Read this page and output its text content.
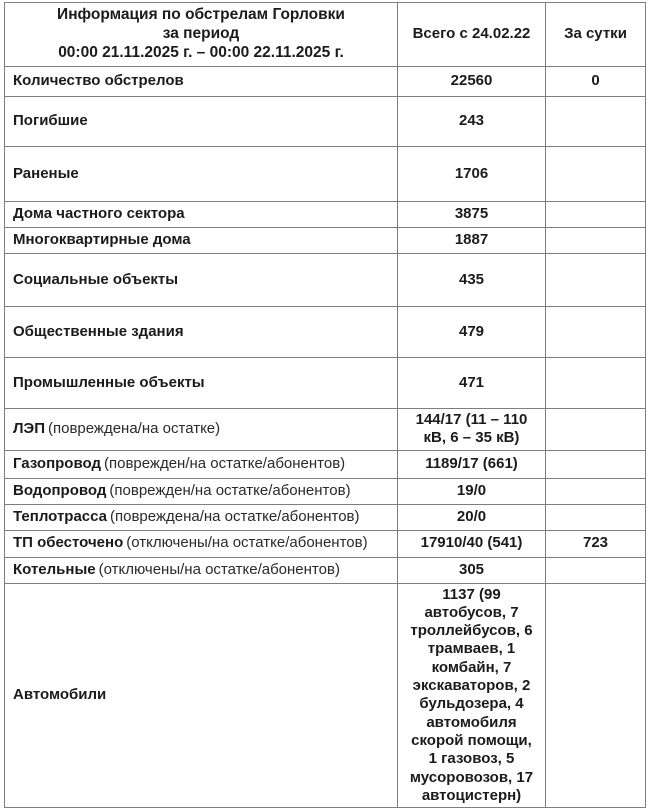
Информация по обстрелам Горловки
за период
00:00 21.11.2025 г. – 00:00 22.11.2025 г.	Всего с 24.02.22	За сутки
Количество обстрелов	22560	0
Погибшие	243	
Раненые	1706	
Дома частного сектора	3875	
Многоквартирные дома	1887	
Социальные объекты	435	
Общественные здания	479	
Промышленные объекты	471	
ЛЭП (повреждена/на остатке)	144/17 (11 – 110 кВ, 6 – 35 кВ)	
Газопровод (поврежден/на остатке/абонентов)	1189/17 (661)	
Водопровод (поврежден/на остатке/абонентов)	19/0	
Теплотрасса (повреждена/на остатке/абонентов)	20/0	
ТП обесточено (отключены/на остатке/абонентов)	17910/40 (541)	723
Котельные (отключены/на остатке/абонентов)	305	
Автомобили	1137 (99 автобусов, 7 троллейбусов, 6 трамваев, 1 комбайн, 7 экскаваторов, 2 бульдозера, 4 автомобиля скорой помощи, 1 газовоз, 5 мусоровозов, 17 автоцистерн)	
